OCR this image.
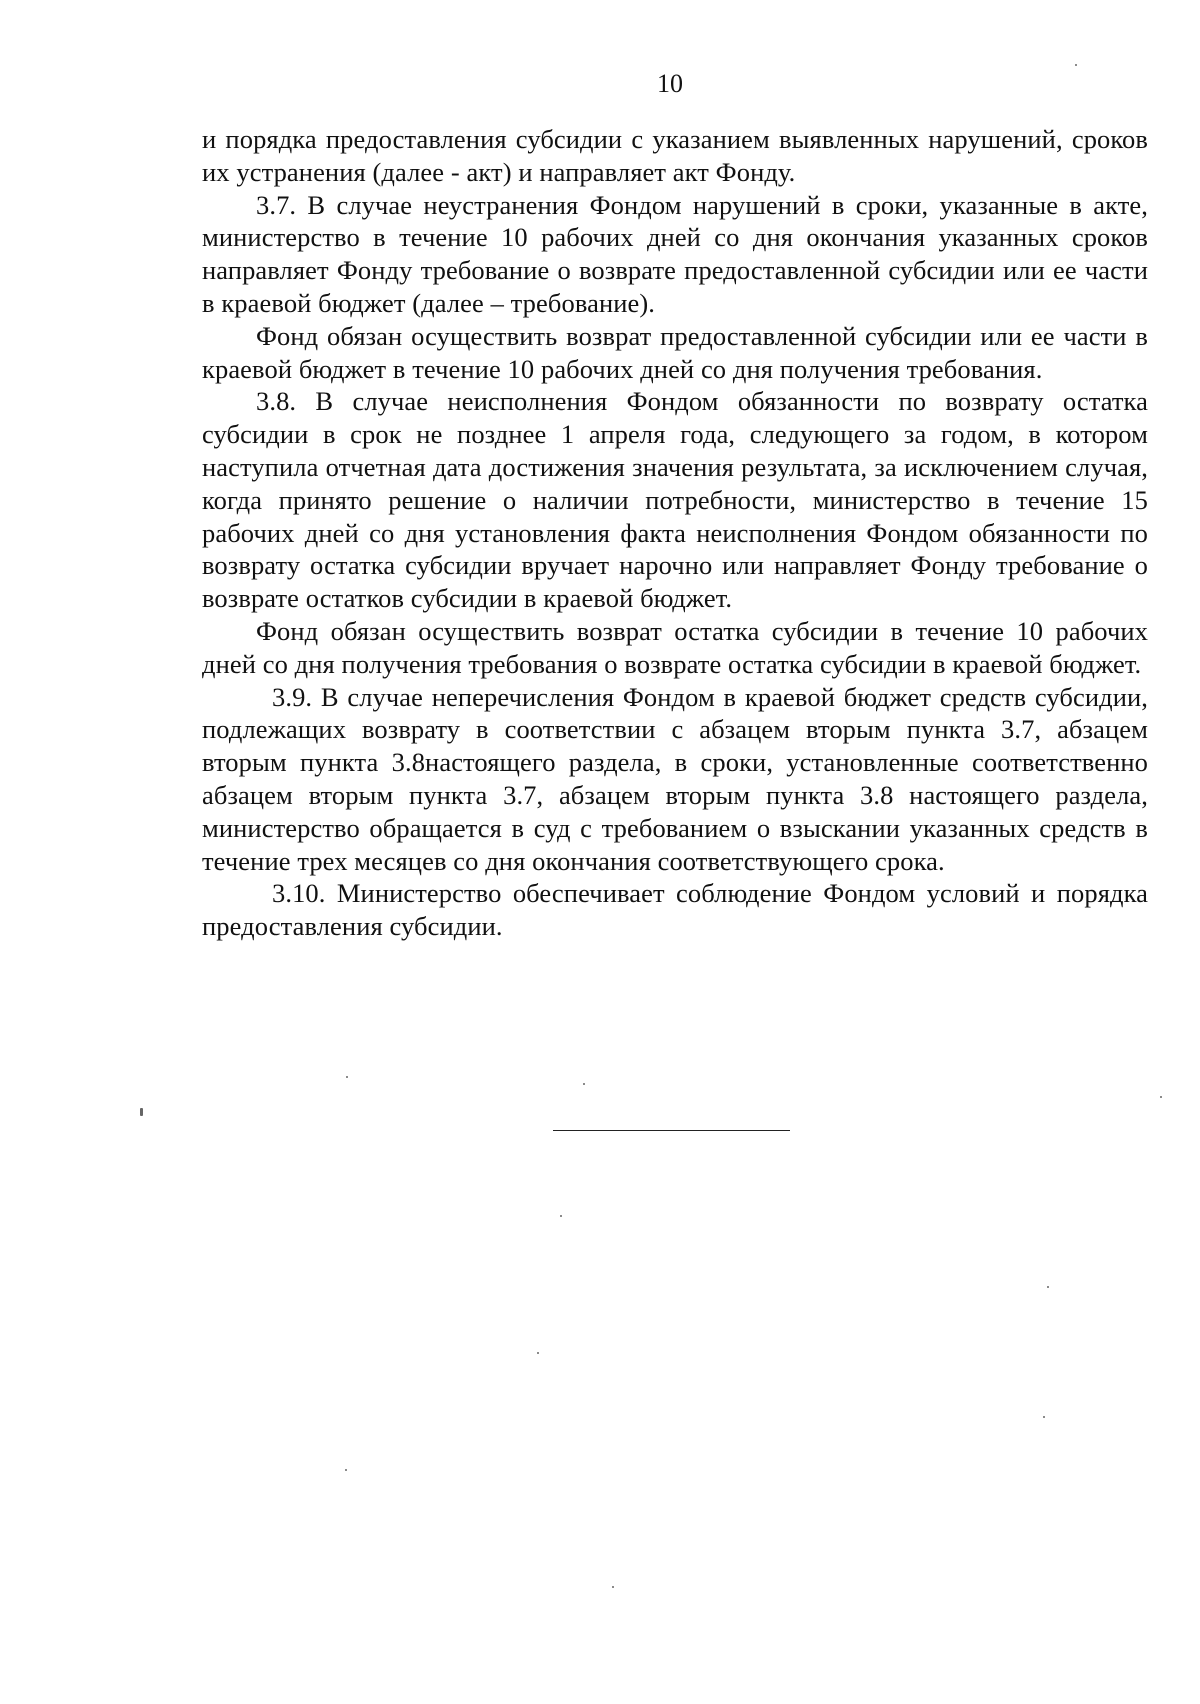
10

и порядка предоставления субсидии с указанием выявленных нарушений, сроков их устранения (далее - акт) и направляет акт Фонду.

3.7. В случае неустранения Фондом нарушений в сроки, указанные в акте, министерство в течение 10 рабочих дней со дня окончания указанных сроков направляет Фонду требование о возврате предоставленной субсидии или ее части в краевой бюджет (далее – требование).

Фонд обязан осуществить возврат предоставленной субсидии или ее части в краевой бюджет в течение 10 рабочих дней со дня получения требования.

3.8. В случае неисполнения Фондом обязанности по возврату остатка субсидии в срок не позднее 1 апреля года, следующего за годом, в котором наступила отчетная дата достижения значения результата, за исключением случая, когда принято решение о наличии потребности, министерство в течение 15 рабочих дней со дня установления факта неисполнения Фондом обязанности по возврату остатка субсидии вручает нарочно или направляет Фонду требование о возврате остатков субсидии в краевой бюджет.

Фонд обязан осуществить возврат остатка субсидии в течение 10 рабочих дней со дня получения требования о возврате остатка субсидии в краевой бюджет.

3.9. В случае неперечисления Фондом в краевой бюджет средств субсидии, подлежащих возврату в соответствии с абзацем вторым пункта 3.7, абзацем вторым пункта 3.8настоящего раздела, в сроки, установленные соответственно абзацем вторым пункта 3.7, абзацем вторым пункта 3.8 настоящего раздела, министерство обращается в суд с требованием о взыскании указанных средств в течение трех месяцев со дня окончания соответствующего срока.

3.10. Министерство обеспечивает соблюдение Фондом условий и порядка предоставления субсидии.
